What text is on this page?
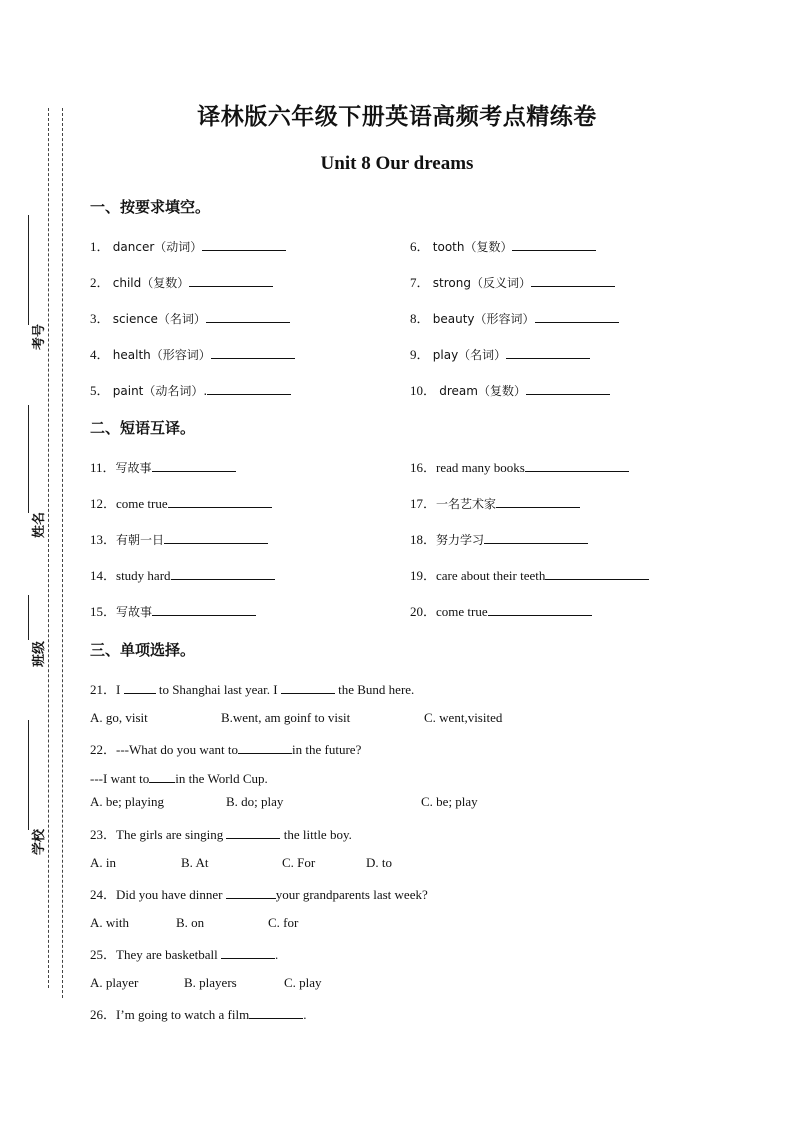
考号
姓名
班级
学校
译林版六年级下册英语高频考点精练卷
Unit 8 Our dreams
一、按要求填空。
1． dancer（动词）
2． child（复数）
3． science（名词）
4． health（形容词）
5． paint（动名词）.
6． tooth（复数）
7． strong（反义词）
8． beauty（形容词）
9． play（名词）
10． dream（复数）
二、短语互译。
11．写故事
12．come true
13．有朝一日
14．study hard
15．写故事
16．read many books
17．一名艺术家
18．努力学习
19．care about their teeth
20．come true
三、单项选择。
21．I  to Shanghai last year. I	the Bund here.
A. go, visit	B.went, am goinf to visit	C. went,visited
22．---What do you want to	in the future?
---I want to in the World Cup.
A. be; playing	B. do; play	C. be; play
23．The girls are singing	the little boy.
A. in	B. At	C. For	D. to
24．Did you have dinner	your grandparents last week?
A. with	B. on	C. for
25．They are basketball	.
A. player	B. players	C. play
26．I’m going to watch a film	.
